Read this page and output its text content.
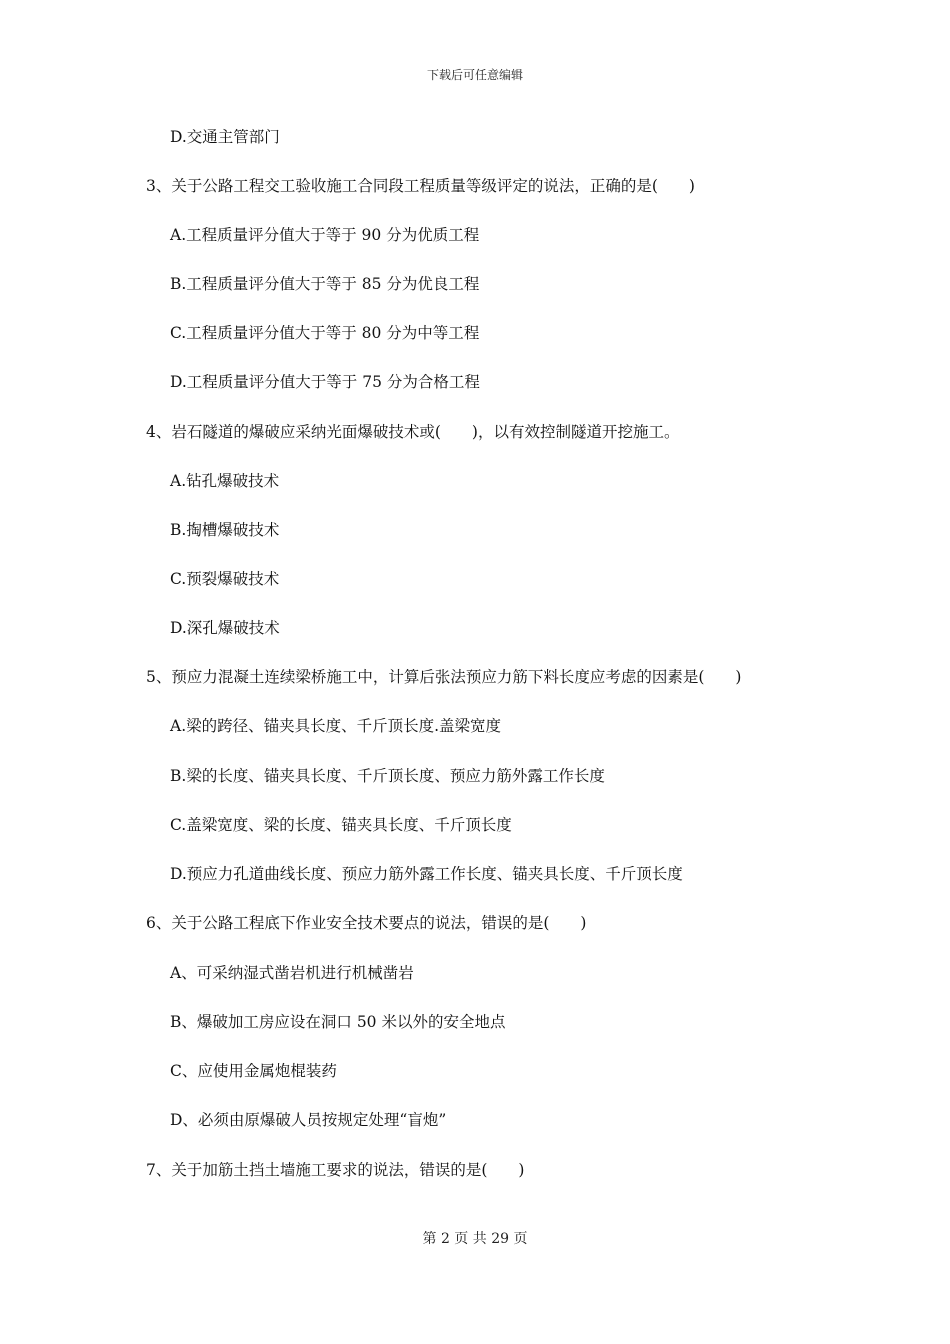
下载后可任意编辑
D.交通主管部门
3、关于公路工程交工验收施工合同段工程质量等级评定的说法，正确的是(　　)
A.工程质量评分值大于等于 90 分为优质工程
B.工程质量评分值大于等于 85 分为优良工程
C.工程质量评分值大于等于 80 分为中等工程
D.工程质量评分值大于等于 75 分为合格工程
4、岩石隧道的爆破应采纳光面爆破技术或(　　)，以有效控制隧道开挖施工。
A.钻孔爆破技术
B.掏槽爆破技术
C.预裂爆破技术
D.深孔爆破技术
5、预应力混凝土连续梁桥施工中，计算后张法预应力筋下料长度应考虑的因素是(　　)
A.梁的跨径、锚夹具长度、千斤顶长度.盖梁宽度
B.梁的长度、锚夹具长度、千斤顶长度、预应力筋外露工作长度
C.盖梁宽度、梁的长度、锚夹具长度、千斤顶长度
D.预应力孔道曲线长度、预应力筋外露工作长度、锚夹具长度、千斤顶长度
6、关于公路工程底下作业安全技术要点的说法，错误的是(　　)
A、可采纳湿式凿岩机进行机械凿岩
B、爆破加工房应设在洞口 50 米以外的安全地点
C、应使用金属炮棍装药
D、必须由原爆破人员按规定处理“盲炮”
7、关于加筋土挡土墙施工要求的说法，错误的是(　　)
第 2 页 共 29 页
